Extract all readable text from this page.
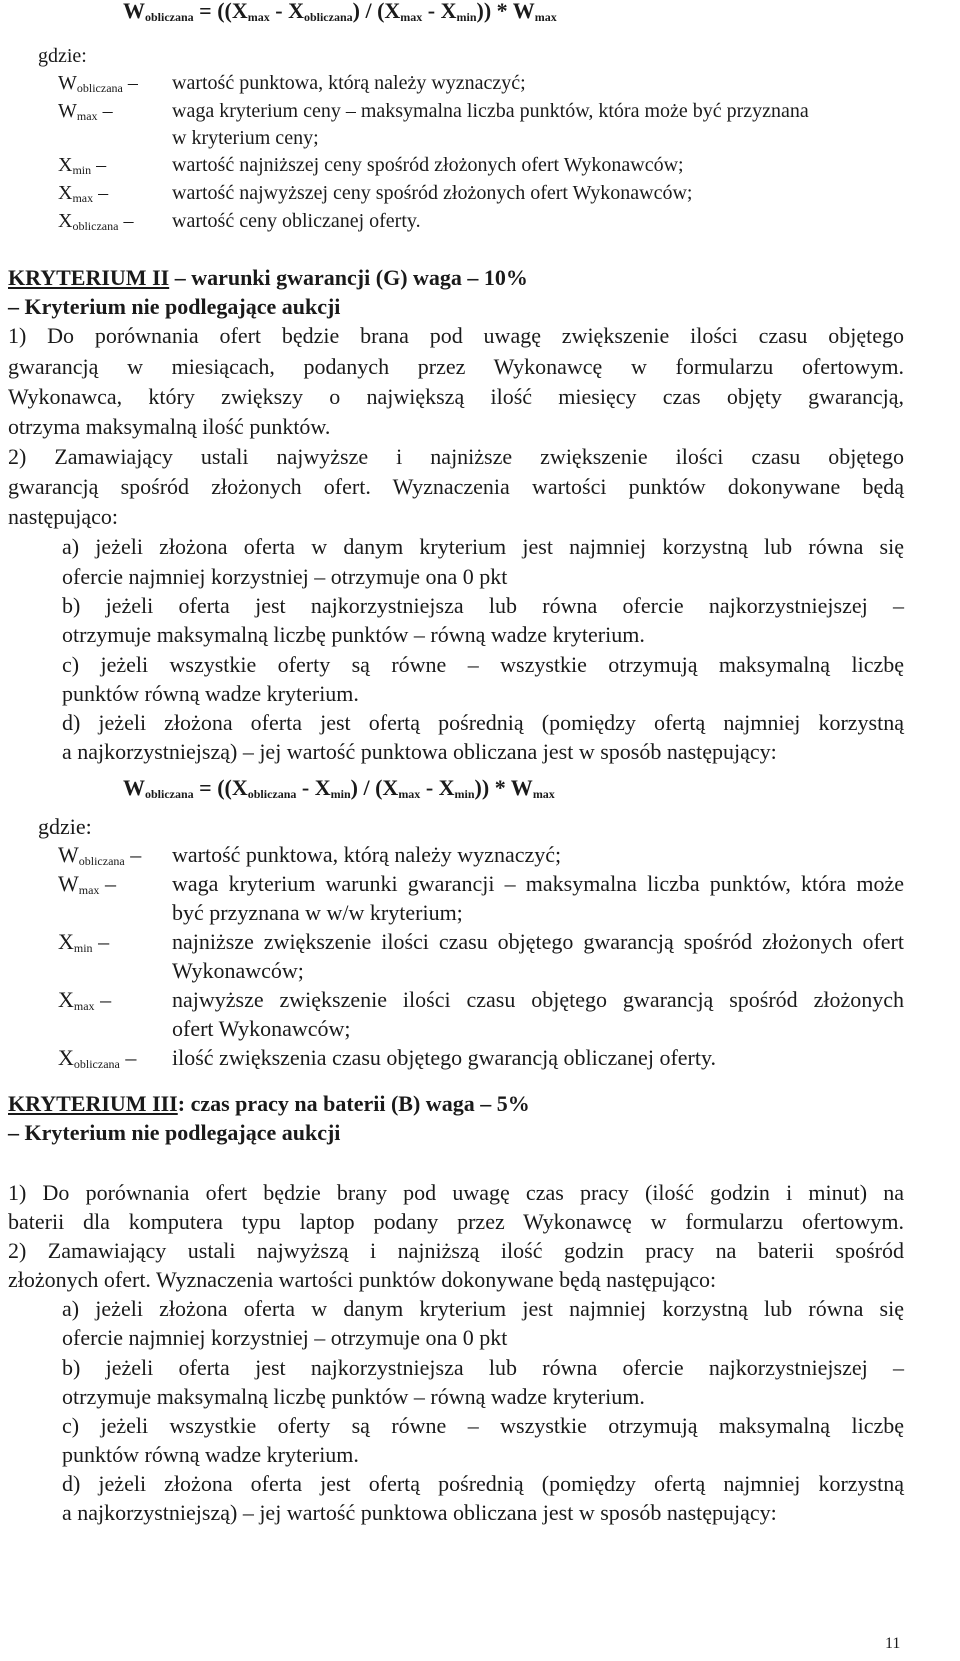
$W_{obliczana} = ((X_{max} - X_{obliczana}) / (X_{max} - X_{min})) * W_{max}$
gdzie:
$W_{obliczana}$ – wartość punktowa, którą należy wyznaczyć;
$W_{max}$ –	waga kryterium ceny – maksymalna liczba punktów, która może być przyznana
w kryterium ceny;
$X_{min}$ –	wartość najniższej ceny spośród złożonych ofert Wykonawców;
$X_{max}$ –	wartość najwyższej ceny spośród złożonych ofert Wykonawców;
$X_{obliczana}$ – wartość ceny obliczanej oferty.
KRYTERIUM II – warunki gwarancji (G) waga – 10%
– Kryterium nie podlegające aukcji
1) Do porównania ofert będzie brana pod uwagę zwiększenie ilości czasu objętego
gwarancją w miesiącach, podanych przez Wykonawcę w formularzu ofertowym.
Wykonawca, który zwiększy o największą ilość miesięcy czas objęty gwarancją,
otrzyma maksymalną ilość punktów.
2) Zamawiający ustali najwyższe i najniższe zwiększenie ilości czasu objętego
gwarancją spośród złożonych ofert. Wyznaczenia wartości punktów dokonywane będą
następująco:
a) jeżeli złożona oferta w danym kryterium jest najmniej korzystną lub równa się
ofercie najmniej korzystniej – otrzymuje ona 0 pkt
b) jeżeli oferta jest najkorzystniejsza lub równa ofercie najkorzystniejszej –
otrzymuje maksymalną liczbę punktów – równą wadze kryterium.
c) jeżeli wszystkie oferty są równe – wszystkie otrzymują maksymalną liczbę
punktów równą wadze kryterium.
d) jeżeli złożona oferta jest ofertą pośrednią (pomiędzy ofertą najmniej korzystną
a najkorzystniejszą) – jej wartość punktowa obliczana jest w sposób następujący:
$W_{obliczana} = ((X_{obliczana} - X_{min}) / (X_{max} - X_{min})) * W_{max}$
gdzie:
$W_{obliczana}$ – wartość punktowa, którą należy wyznaczyć;
$W_{max}$ –	waga kryterium warunki gwarancji – maksymalna liczba punktów, która może
być przyznana w w/w kryterium;
$X_{min}$ –	najniższe zwiększenie ilości czasu objętego gwarancją spośród złożonych ofert
Wykonawców;
$X_{max}$ –	najwyższe zwiększenie ilości czasu objętego gwarancją spośród złożonych
ofert Wykonawców;
$X_{obliczana}$ – ilość zwiększenia czasu objętego gwarancją obliczanej oferty.
KRYTERIUM III: czas pracy na baterii (B) waga – 5%
– Kryterium nie podlegające aukcji
1) Do porównania ofert będzie brany pod uwagę czas pracy (ilość godzin i minut) na
baterii dla komputera typu laptop podany przez Wykonawcę w formularzu ofertowym.
2) Zamawiający ustali najwyższą i najniższą ilość godzin pracy na baterii spośród
złożonych ofert. Wyznaczenia wartości punktów dokonywane będą następująco:
a) jeżeli złożona oferta w danym kryterium jest najmniej korzystną lub równa się
ofercie najmniej korzystniej – otrzymuje ona 0 pkt
b) jeżeli oferta jest najkorzystniejsza lub równa ofercie najkorzystniejszej –
otrzymuje maksymalną liczbę punktów – równą wadze kryterium.
c) jeżeli wszystkie oferty są równe – wszystkie otrzymują maksymalną liczbę
punktów równą wadze kryterium.
d) jeżeli złożona oferta jest ofertą pośrednią (pomiędzy ofertą najmniej korzystną
a najkorzystniejszą) – jej wartość punktowa obliczana jest w sposób następujący:
11
